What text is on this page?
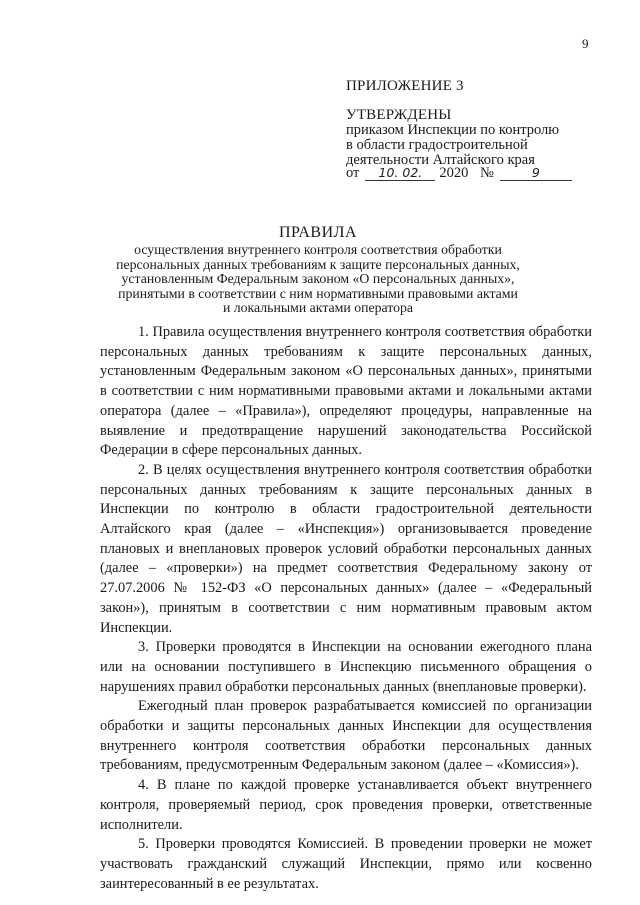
9
ПРИЛОЖЕНИЕ 3
УТВЕРЖДЕНЫ
приказом Инспекции по контролю
в области градостроительной
деятельности Алтайского края
от 10. 02. 2020 №	9
ПРАВИЛА
осуществления внутреннего контроля соответствия обработки
персональных данных требованиям к защите персональных данных,
установленным Федеральным законом «О персональных данных»,
принятыми в соответствии с ним нормативными правовыми актами
и локальными актами оператора

1. Правила осуществления внутреннего контроля соответствия обработки персональных данных требованиям к защите персональных данных, установленным Федеральным законом «О персональных данных», принятыми в соответствии с ним нормативными правовыми актами и локальными актами оператора (далее – «Правила»), определяют процедуры, направленные на выявление и предотвращение нарушений законодательства Российской Федерации в сфере персональных данных.

2. В целях осуществления внутреннего контроля соответствия обработки персональных данных требованиям к защите персональных данных в Инспекции по контролю в области градостроительной деятельности Алтайского края (далее – «Инспекция») организовывается проведение плановых и внеплановых проверок условий обработки персональных данных (далее – «проверки») на предмет соответствия Федеральному закону от 27.07.2006 № 152-ФЗ «О персональных данных» (далее – «Федеральный закон»), принятым в соответствии с ним нормативным правовым актом Инспекции.

3. Проверки проводятся в Инспекции на основании ежегодного плана или на основании поступившего в Инспекцию письменного обращения о нарушениях правил обработки персональных данных (внеплановые проверки).

Ежегодный план проверок разрабатывается комиссией по организации обработки и защиты персональных данных Инспекции для осуществления внутреннего контроля соответствия обработки персональных данных требованиям, предусмотренным Федеральным законом (далее – «Комиссия»).

4. В плане по каждой проверке устанавливается объект внутреннего контроля, проверяемый период, срок проведения проверки, ответственные исполнители.

5. Проверки проводятся Комиссией. В проведении проверки не может участвовать гражданский служащий Инспекции, прямо или косвенно заинтересованный в ее результатах.
